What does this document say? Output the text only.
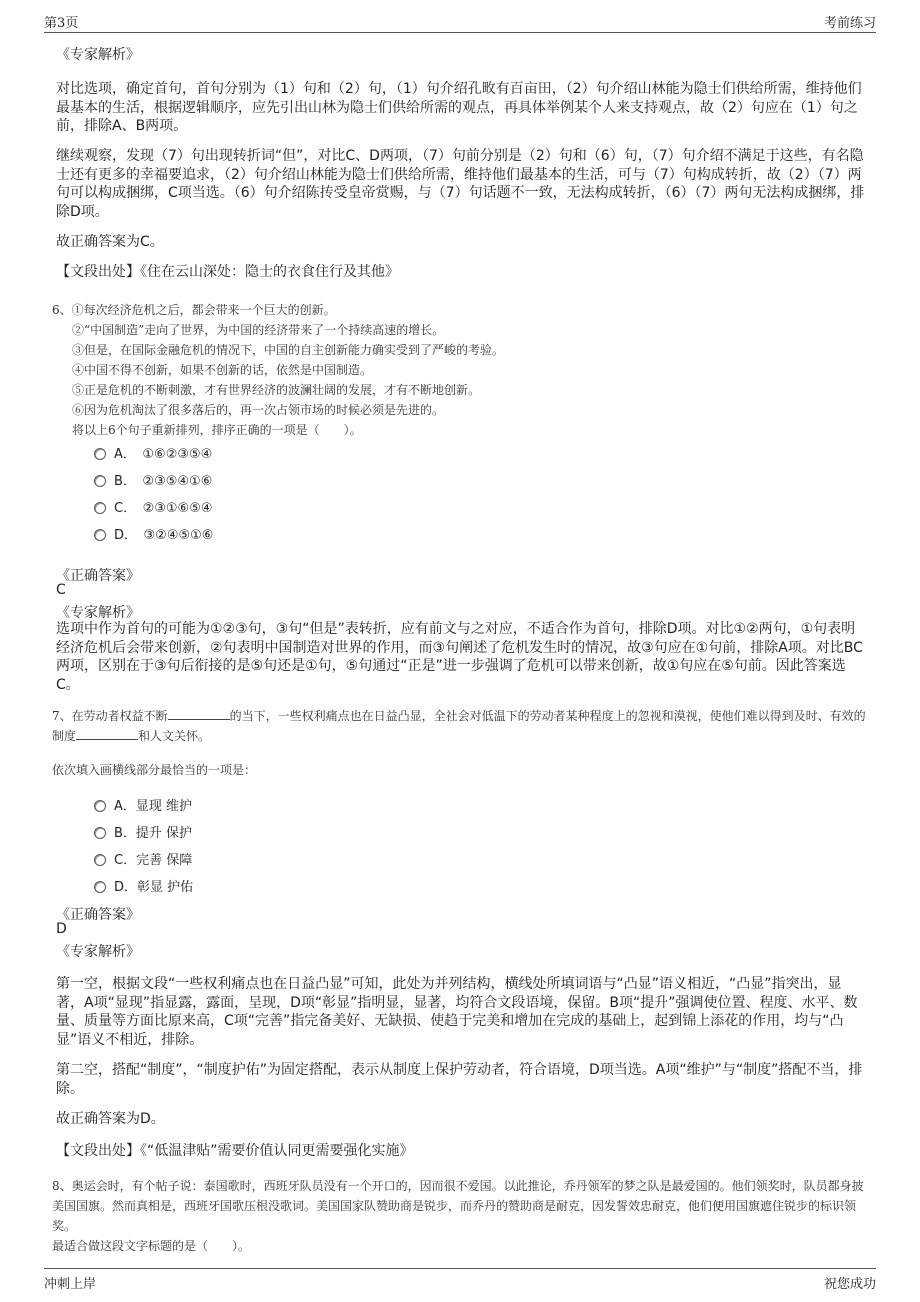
第3页	考前练习
《专家解析》

对比选项，确定首句，首句分别为（1）句和（2）句，（1）句介绍孔畋有百亩田，（2）句介绍山林能为隐士们供给所需，维持他们最基本的生活，根据逻辑顺序，应先引出山林为隐士们供给所需的观点，再具体举例某个人来支持观点，故（2）句应在（1）句之前，排除A、B两项。

继续观察，发现（7）句出现转折词“但”，对比C、D两项，（7）句前分别是（2）句和（6）句，（7）句介绍不满足于这些，有名隐士还有更多的幸福要追求，（2）句介绍山林能为隐士们供给所需，维持他们最基本的生活，可与（7）句构成转折，故（2）（7）两句可以构成捆绑，C项当选。（6）句介绍陈抟受皇帝赏赐，与（7）句话题不一致，无法构成转折，（6）（7）两句无法构成捆绑，排除D项。

故正确答案为C。
【文段出处】《住在云山深处：隐士的衣食住行及其他》
6、①每次经济危机之后，都会带来一个巨大的创新。
②“中国制造”走向了世界，为中国的经济带来了一个持续高速的增长。
③但是，在国际金融危机的情况下，中国的自主创新能力确实受到了严峻的考验。
④中国不得不创新，如果不创新的话，依然是中国制造。
⑤正是危机的不断刺激，才有世界经济的波澜壮阔的发展，才有不断地创新。
⑥因为危机淘汰了很多落后的，再一次占领市场的时候必须是先进的。
将以上6个句子重新排列，排序正确的一项是（　　）。
A．　①⑥②③⑤④
B．　②③⑤④①⑥
C．　②③①⑥⑤④
D．　③②④⑤①⑥
《正确答案》
C
《专家解析》

选项中作为首句的可能为①②③句，③句“但是”表转折，应有前文与之对应，不适合作为首句，排除D项。对比①②两句，①句表明经济危机后会带来创新，②句表明中国制造对世界的作用，而③句阐述了危机发生时的情况，故③句应在①句前，排除A项。对比BC两项，区别在于③句后衔接的是⑤句还是①句，⑤句通过“正是”进一步强调了危机可以带来创新，故①句应在⑤句前。因此答案选C。

7、在劳动者权益不断	的当下，一些权利痛点也在日益凸显，全社会对低温下的劳动者某种程度上的忽视和漠视，使他们难以得到及时、有效的制度	和人文关怀。
依次填入画横线部分最恰当的一项是：
A．显现 维护
B．提升 保护
C．完善 保障
D．彰显 护佑
《正确答案》
D
《专家解析》

第一空，根据文段“一些权利痛点也在日益凸显”可知，此处为并列结构，横线处所填词语与“凸显”语义相近，“凸显”指突出，显著，A项“显现”指显露，露面，呈现，D项“彰显”指明显，显著，均符合文段语境，保留。B项“提升”强调使位置、程度、水平、数量、质量等方面比原来高，C项“完善”指完备美好、无缺损、使趋于完美和增加在完成的基础上，起到锦上添花的作用，均与“凸显”语义不相近，排除。

第二空，搭配“制度”，“制度护佑”为固定搭配，表示从制度上保护劳动者，符合语境，D项当选。A项“维护”与“制度”搭配不当，排除。

故正确答案为D。
【文段出处】《“低温津贴”需要价值认同更需要强化实施》
8、奥运会时，有个帖子说：泰国歌时，西班牙队员没有一个开口的，因而很不爱国。以此推论，乔丹领军的梦之队是最爱国的。他们领奖时，队员都身披美国国旗。然而真相是，西班牙国歌压根没歌词。美国国家队赞助商是锐步，而乔丹的赞助商是耐克，因发誓效忠耐克，他们便用国旗遮住锐步的标识领奖。
最适合做这段文字标题的是（　　）。
冲刺上岸	祝您成功
